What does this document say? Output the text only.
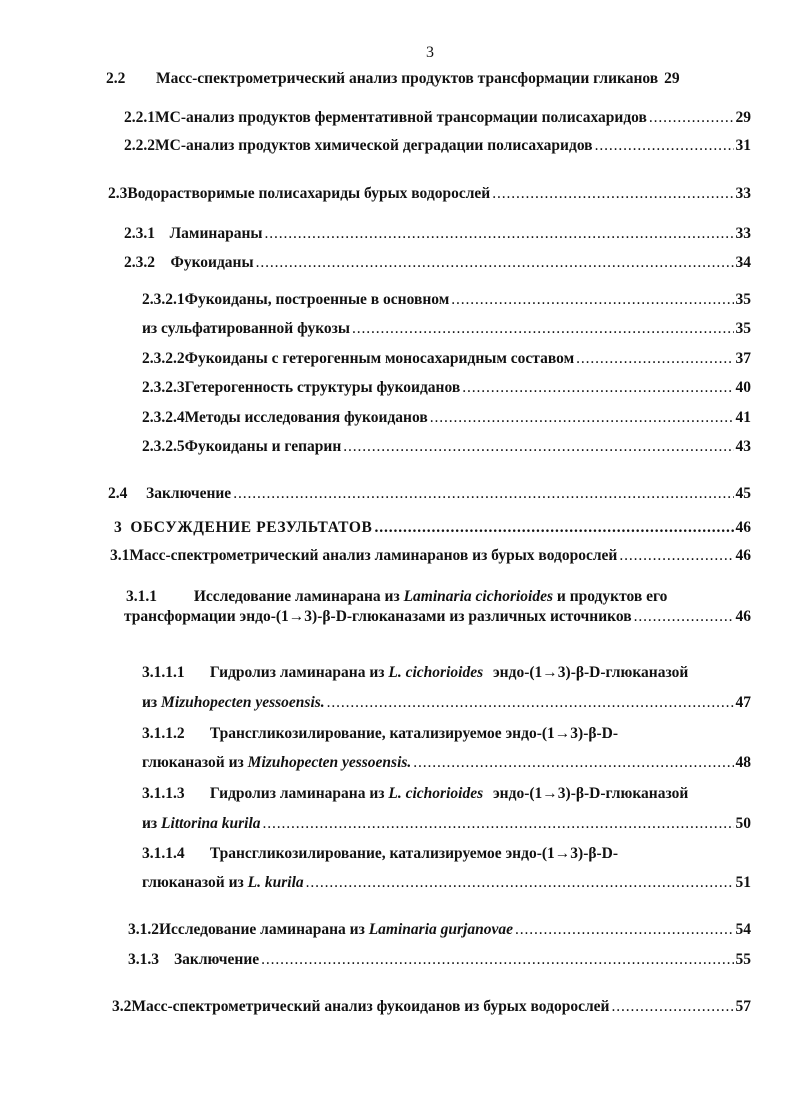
3
2.2	Масс-спектрометрический анализ продуктов трансформации гликанов 29
2.2.1 МС-анализ продуктов ферментативной трансормации полисахаридов . . .	29
2.2.2 МС-анализ продуктов химической деградации полисахаридов . . .	31
2.3 Водорастворимые полисахариды бурых водорослей . . .	33
2.3.1 Ламинараны . . .	33
2.3.2	Фукоиданы . . .	34
2.3.2.1 Фукоиданы, построенные в основном . . .	35
из сульфатированной фукозы . . .	35
2.3.2.2 Фукоиданы с гетерогенным моносахаридным составом . . .	37
2.3.2.3 Гетерогенность структуры фукоиданов . . .	40
2.3.2.4 Методы исследования фукоиданов . . .	41
2.3.2.5 Фукоиданы и гепарин . . .	43
2.4	Заключение . . .	45
3 ОБСУЖДЕНИЕ РЕЗУЛЬТАТОВ . . .	46
3.1 Масс-спектрометрический анализ ламинаранов из бурых водорослей . . .	46
3.1.1 Исследование ламинарана из Laminaria cichorioides и продуктов его
трансформации эндо-(1→3)-β-D-глюканазами из различных источников . . .	46
3.1.1.1 Гидролиз ламинарана из L. cichorioides эндо-(1→3)-β-D-глюканазой
из Mizuhopecten yessoensis. . . .	47
3.1.1.2 Трансгликозилирование, катализируемое эндо-(1→3)-β-D-
глюканазой из Mizuhopecten yessoensis. . . .	48
3.1.1.3 Гидролиз ламинарана из L. cichorioides эндо-(1→3)-β-D-глюканазой
из Littorina kurila . . .	50
3.1.1.4 Трансгликозилирование, катализируемое эндо-(1→3)-β-D-
глюканазой из L. kurila . . .	51
3.1.2 Исследование ламинарана из Laminaria gurjanovae . . .	54
3.1.3 Заключение . . .	55
3.2 Масс-спектрометрический анализ фукоиданов из бурых водорослей . . .	57
